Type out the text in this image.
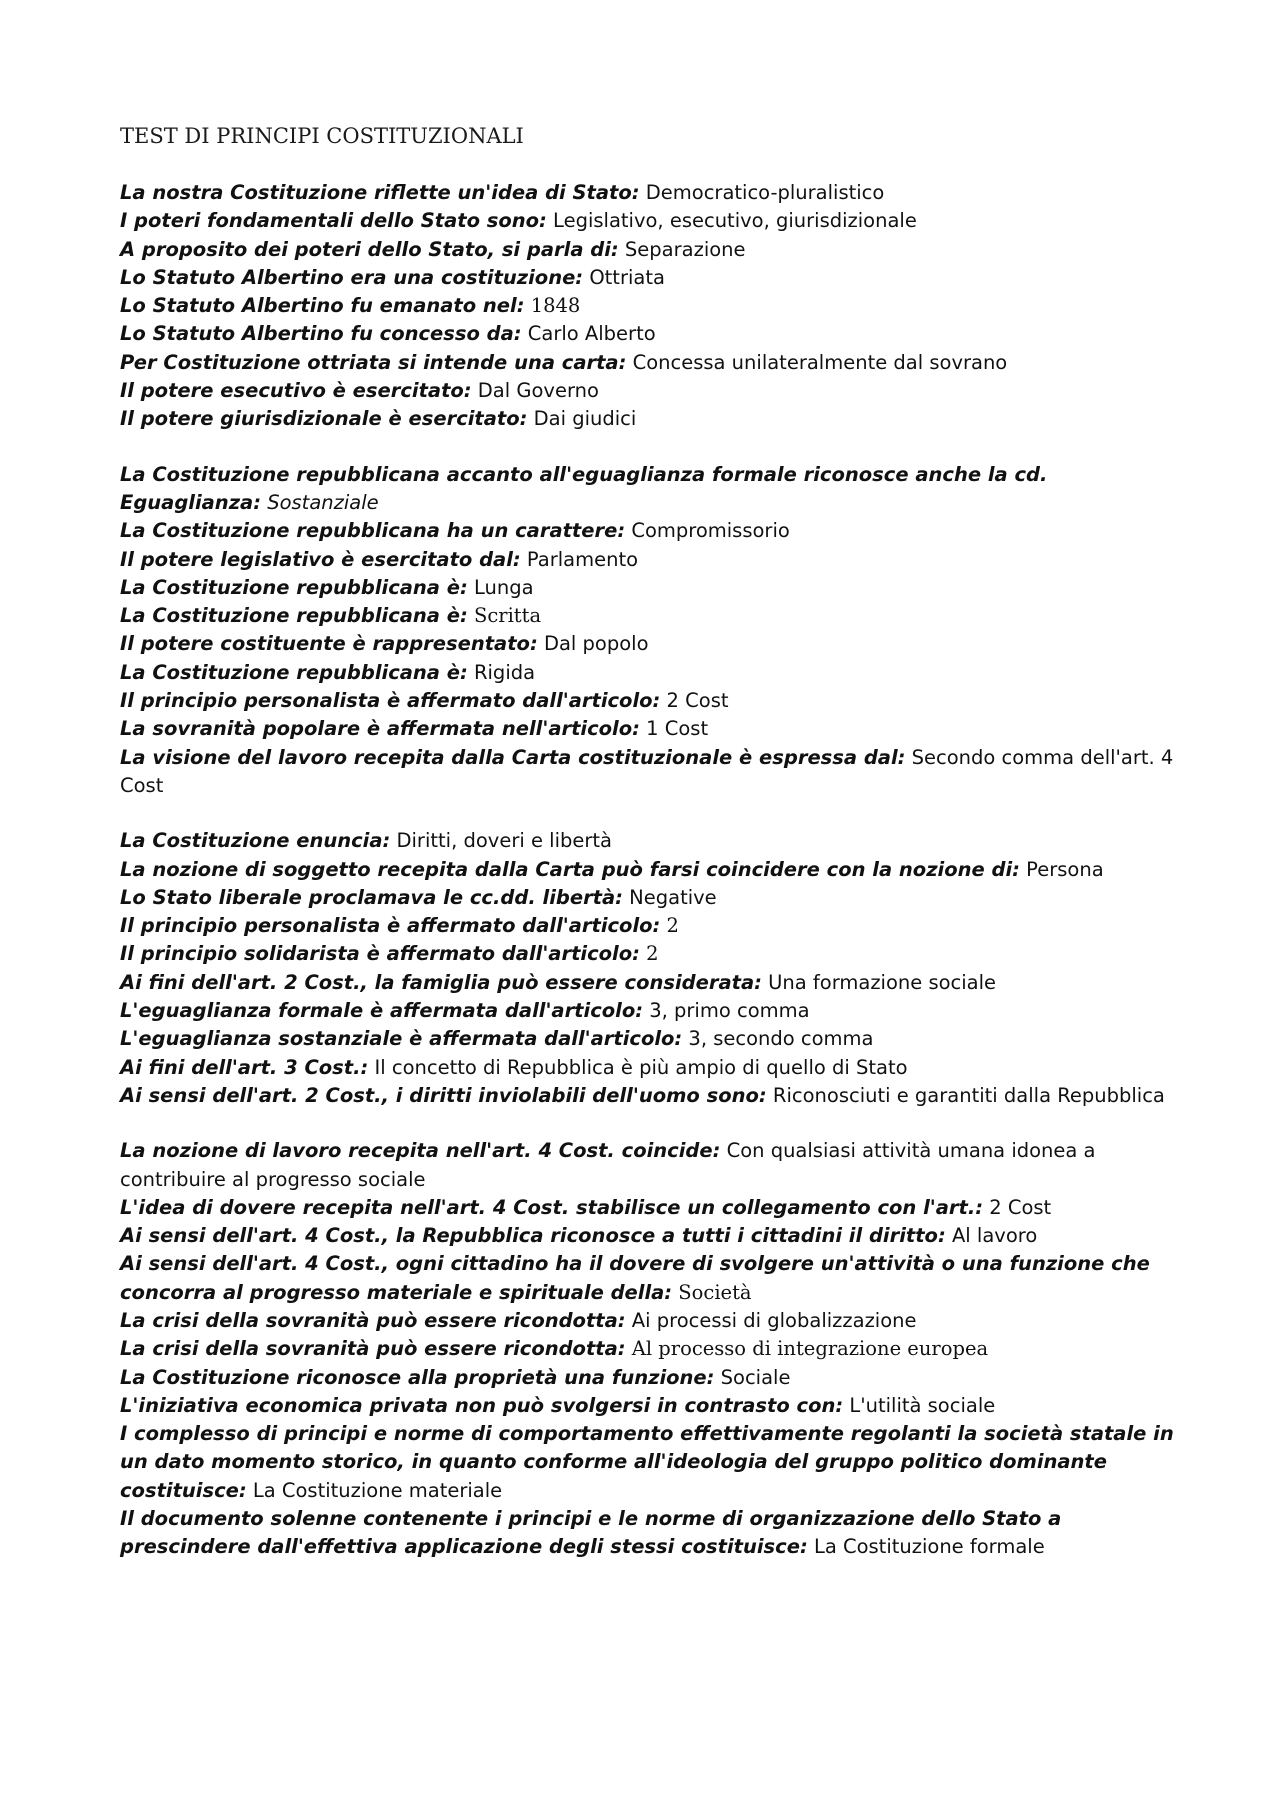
TEST DI PRINCIPI COSTITUZIONALI

La nostra Costituzione riflette un'idea di Stato: Democratico-pluralistico

I poteri fondamentali dello Stato sono: Legislativo, esecutivo, giurisdizionale

A proposito dei poteri dello Stato, si parla di: Separazione

Lo Statuto Albertino era una costituzione: Ottriata

Lo Statuto Albertino fu emanato nel: 1848

Lo Statuto Albertino fu concesso da: Carlo Alberto

Per Costituzione ottriata si intende una carta: Concessa unilateralmente dal sovrano

Il potere esecutivo è esercitato: Dal Governo

Il potere giurisdizionale è esercitato: Dai giudici

La Costituzione repubblicana accanto all'eguaglianza formale riconosce anche la cd. Eguaglianza: Sostanziale

La Costituzione repubblicana ha un carattere: Compromissorio

Il potere legislativo è esercitato dal: Parlamento

La Costituzione repubblicana è: Lunga

La Costituzione repubblicana è: Scritta

Il potere costituente è rappresentato: Dal popolo

La Costituzione repubblicana è: Rigida

Il principio personalista è affermato dall'articolo: 2 Cost

La sovranità popolare è affermata nell'articolo: 1 Cost

La visione del lavoro recepita dalla Carta costituzionale è espressa dal: Secondo comma dell'art. 4 Cost

La Costituzione enuncia: Diritti, doveri e libertà

La nozione di soggetto recepita dalla Carta può farsi coincidere con la nozione di: Persona

Lo Stato liberale proclamava le cc.dd. libertà: Negative

Il principio personalista è affermato dall'articolo: 2

Il principio solidarista è affermato dall'articolo: 2

Ai fini dell'art. 2 Cost., la famiglia può essere considerata: Una formazione sociale

L'eguaglianza formale è affermata dall'articolo: 3, primo comma

L'eguaglianza sostanziale è affermata dall'articolo: 3, secondo comma

Ai fini dell'art. 3 Cost.: Il concetto di Repubblica è più ampio di quello di Stato

Ai sensi dell'art. 2 Cost., i diritti inviolabili dell'uomo sono: Riconosciuti e garantiti dalla Repubblica

La nozione di lavoro recepita nell'art. 4 Cost. coincide: Con qualsiasi attività umana idonea a contribuire al progresso sociale

L'idea di dovere recepita nell'art. 4 Cost. stabilisce un collegamento con l'art.: 2 Cost

Ai sensi dell'art. 4 Cost., la Repubblica riconosce a tutti i cittadini il diritto: Al lavoro

Ai sensi dell'art. 4 Cost., ogni cittadino ha il dovere di svolgere un'attività o una funzione che concorra al progresso materiale e spirituale della: Società

La crisi della sovranità può essere ricondotta: Ai processi di globalizzazione

La crisi della sovranità può essere ricondotta: Al processo di integrazione europea

La Costituzione riconosce alla proprietà una funzione: Sociale

L'iniziativa economica privata non può svolgersi in contrasto con: L'utilità sociale

I complesso di principi e norme di comportamento effettivamente regolanti la società statale in un dato momento storico, in quanto conforme all'ideologia del gruppo politico dominante costituisce: La Costituzione materiale

Il documento solenne contenente i principi e le norme di organizzazione dello Stato a prescindere dall'effettiva applicazione degli stessi costituisce: La Costituzione formale
